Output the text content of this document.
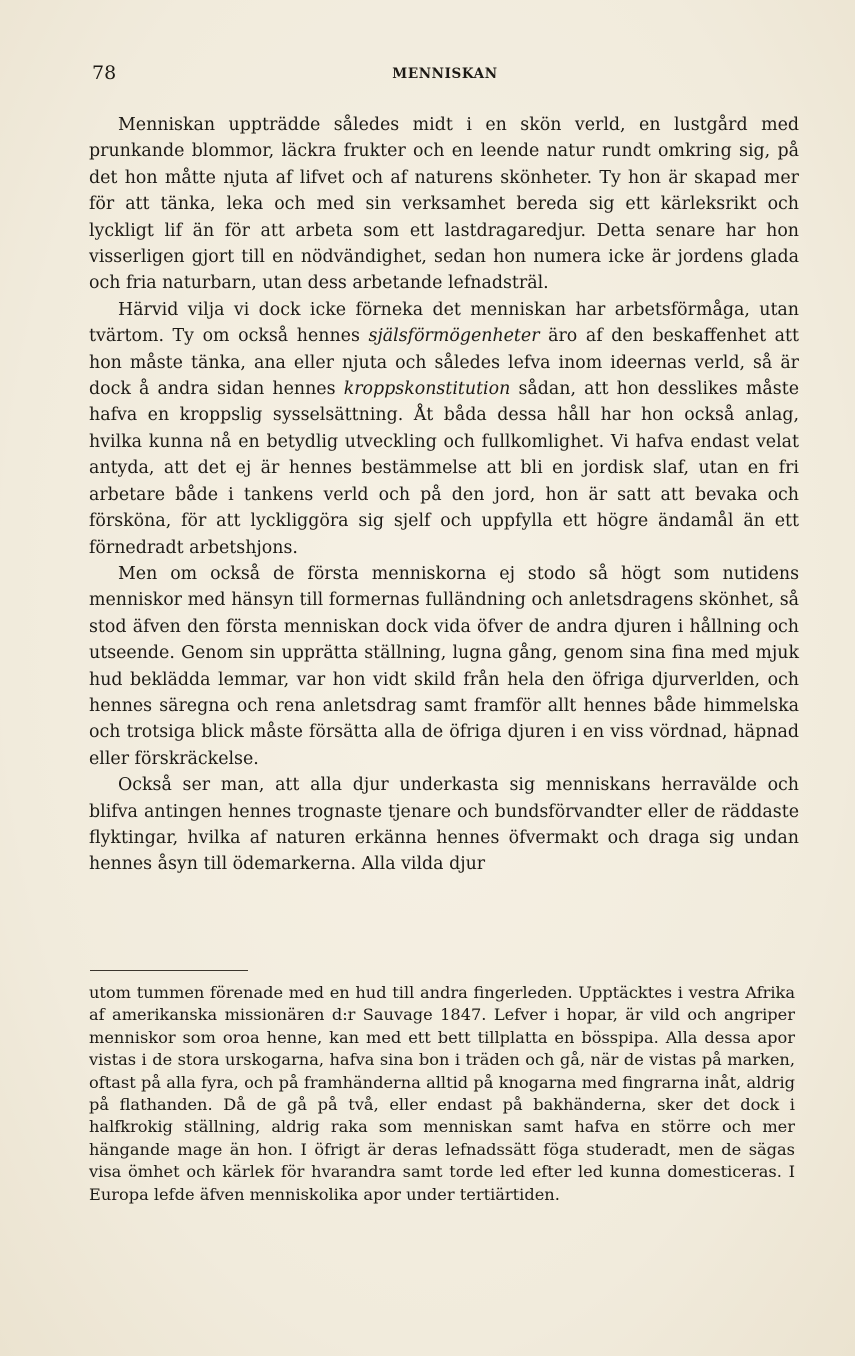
78	MENNISKAN

Menniskan uppträdde således midt i en skön verld, en lustgård med prunkande blommor, läckra frukter och en leende natur rundt omkring sig, på det hon måtte njuta af lifvet och af naturens skönheter. Ty hon är skapad mer för att tänka, leka och med sin verksamhet bereda sig ett kärleksrikt och lyckligt lif än för att arbeta som ett lastdragaredjur. Detta senare har hon visserligen gjort till en nödvändighet, sedan hon numera icke är jordens glada och fria naturbarn, utan dess arbetande lefnadsträl.

Härvid vilja vi dock icke förneka det menniskan har arbetsförmåga, utan tvärtom. Ty om också hennes själsförmögenheter äro af den beskaffenhet att hon måste tänka, ana eller njuta och således lefva inom ideernas verld, så är dock å andra sidan hennes kroppskonstitution sådan, att hon desslikes måste hafva en kroppslig sysselsättning. Åt båda dessa håll har hon också anlag, hvilka kunna nå en betydlig utveckling och fullkomlighet. Vi hafva endast velat antyda, att det ej är hennes bestämmelse att bli en jordisk slaf, utan en fri arbetare både i tankens verld och på den jord, hon är satt att bevaka och försköna, för att lyckliggöra sig sjelf och uppfylla ett högre ändamål än ett förnedradt arbetshjons.

Men om också de första menniskorna ej stodo så högt som nutidens menniskor med hänsyn till formernas fulländning och anletsdragens skönhet, så stod äfven den första menniskan dock vida öfver de andra djuren i hållning och utseende. Genom sin upprätta ställning, lugna gång, genom sina fina med mjuk hud beklädda lemmar, var hon vidt skild från hela den öfriga djurverlden, och hennes säregna och rena anletsdrag samt framför allt hennes både himmelska och trotsiga blick måste försätta alla de öfriga djuren i en viss vördnad, häpnad eller förskräckelse.

Också ser man, att alla djur underkasta sig menniskans herravälde och blifva antingen hennes trognaste tjenare och bundsförvandter eller de räddaste flyktingar, hvilka af naturen erkänna hennes öfvermakt och draga sig undan hennes åsyn till ödemarkerna. Alla vilda djur

utom tummen förenade med en hud till andra fingerleden. Upptäcktes i vestra Afrika af amerikanska missionären d:r Sauvage 1847. Lefver i hopar, är vild och angriper menniskor som oroa henne, kan med ett bett tillplatta en bösspipa. Alla dessa apor vistas i de stora urskogarna, hafva sina bon i träden och gå, när de vistas på marken, oftast på alla fyra, och på framhänderna alltid på knogarna med fingrarna inåt, aldrig på flathanden. Då de gå på två, eller endast på bakhänderna, sker det dock i halfkrokig ställning, aldrig raka som menniskan samt hafva en större och mer hängande mage än hon. I öfrigt är deras lefnadssätt föga studeradt, men de sägas visa ömhet och kärlek för hvarandra samt torde led efter led kunna domesticeras. I Europa lefde äfven menniskolika apor under tertiärtiden.
